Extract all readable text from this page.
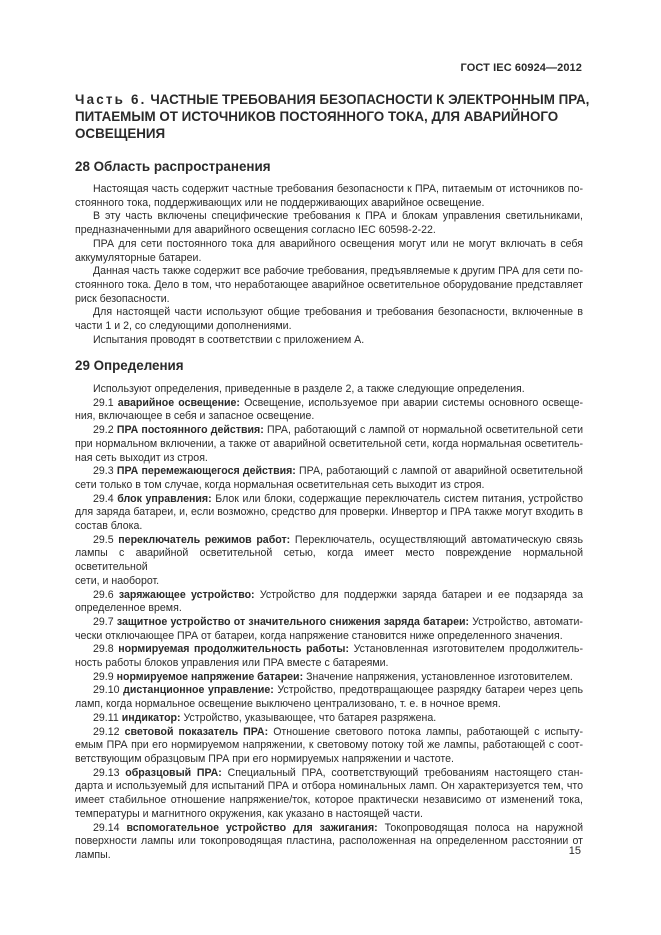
ГОСТ IEC 60924—2012
Часть 6. ЧАСТНЫЕ ТРЕБОВАНИЯ БЕЗОПАСНОСТИ К ЭЛЕКТРОННЫМ ПРА,
ПИТАЕМЫМ ОТ ИСТОЧНИКОВ ПОСТОЯННОГО ТОКА, ДЛЯ АВАРИЙНОГО
ОСВЕЩЕНИЯ
28 Область распространения
Настоящая часть содержит частные требования безопасности к ПРА, питаемым от источников по-
стоянного тока, поддерживающих или не поддерживающих аварийное освещение.
В эту часть включены специфические требования к ПРА и блокам управления светильниками,
предназначенными для аварийного освещения согласно IEC 60598-2-22.
ПРА для сети постоянного тока для аварийного освещения могут или не могут включать в себя
аккумуляторные батареи.
Данная часть также содержит все рабочие требования, предъявляемые к другим ПРА для сети по-
стоянного тока. Дело в том, что неработающее аварийное осветительное оборудование представляет
риск безопасности.
Для настоящей части используют общие требования и требования безопасности, включенные в
части 1 и 2, со следующими дополнениями.
Испытания проводят в соответствии с приложением А.
29 Определения
Используют определения, приведенные в разделе 2, а также следующие определения.
29.1 аварийное освещение: Освещение, используемое при аварии системы основного освеще-
ния, включающее в себя и запасное освещение.
29.2 ПРА постоянного действия: ПРА, работающий с лампой от нормальной осветительной сети
при нормальном включении, а также от аварийной осветительной сети, когда нормальная осветитель-
ная сеть выходит из строя.
29.3 ПРА перемежающегося действия: ПРА, работающий с лампой от аварийной осветительной
сети только в том случае, когда нормальная осветительная сеть выходит из строя.
29.4 блок управления: Блок или блоки, содержащие переключатель систем питания, устройство
для заряда батареи, и, если возможно, средство для проверки. Инвертор и ПРА также могут входить в
состав блока.
29.5 переключатель режимов работ: Переключатель, осуществляющий автоматическую связь
лампы с аварийной осветительной сетью, когда имеет место повреждение нормальной осветительной
сети, и наоборот.
29.6 заряжающее устройство: Устройство для поддержки заряда батареи и ее подзаряда за
определенное время.
29.7 защитное устройство от значительного снижения заряда батареи: Устройство, автомати-
чески отключающее ПРА от батареи, когда напряжение становится ниже определенного значения.
29.8 нормируемая продолжительность работы: Установленная изготовителем продолжитель-
ность работы блоков управления или ПРА вместе с батареями.
29.9 нормируемое напряжение батареи: Значение напряжения, установленное изготовителем.
29.10 дистанционное управление: Устройство, предотвращающее разрядку батареи через цепь
ламп, когда нормальное освещение выключено централизовано, т. е. в ночное время.
29.11 индикатор: Устройство, указывающее, что батарея разряжена.
29.12 световой показатель ПРА: Отношение светового потока лампы, работающей с испыту-
емым ПРА при его нормируемом напряжении, к световому потоку той же лампы, работающей с соот-
ветствующим образцовым ПРА при его нормируемых напряжении и частоте.
29.13 образцовый ПРА: Специальный ПРА, соответствующий требованиям настоящего стан-
дарта и используемый для испытаний ПРА и отбора номинальных ламп. Он характеризуется тем, что
имеет стабильное отношение напряжение/ток, которое практически независимо от изменений тока,
температуры и магнитного окружения, как указано в настоящей части.
29.14 вспомогательное устройство для зажигания: Токопроводящая полоса на наружной
поверхности лампы или токопроводящая пластина, расположенная на определенном расстоянии от
лампы.	15
